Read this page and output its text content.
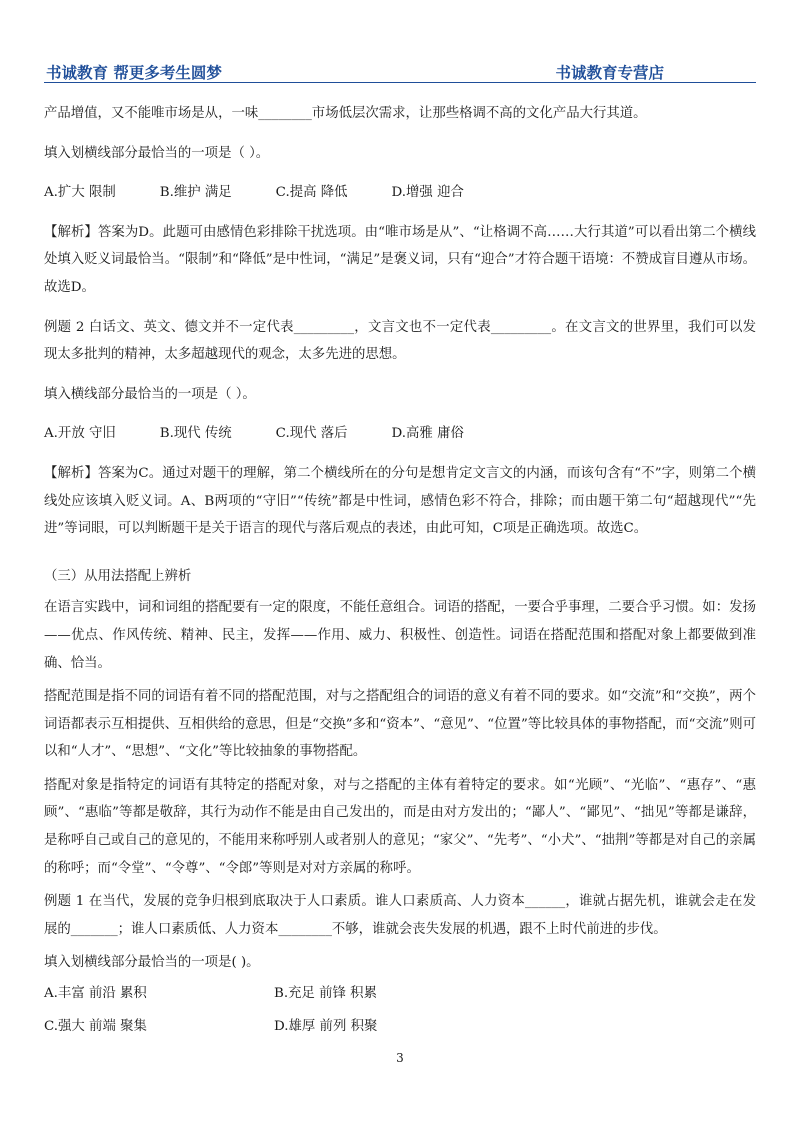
书诚教育 帮更多考生圆梦	书诚教育专营店

产品增值，又不能唯市场是从，一味________市场低层次需求，让那些格调不高的文化产品大行其道。

填入划横线部分最恰当的一项是（ ）。

A.扩大 限制	B.维护 满足	C.提高 降低	D.增强 迎合

【解析】答案为D。此题可由感情色彩排除干扰选项。由“唯市场是从”、“让格调不高……大行其道”可以看出第二个横线处填入贬义词最恰当。“限制”和“降低”是中性词，“满足”是褒义词，只有“迎合”才符合题干语境：不赞成盲目遵从市场。故选D。

例题 2 白话文、英文、德文并不一定代表_________，文言文也不一定代表_________。在文言文的世界里，我们可以发现太多批判的精神，太多超越现代的观念，太多先进的思想。

填入横线部分最恰当的一项是（ ）。

A.开放 守旧	B.现代 传统	C.现代 落后	D.高雅 庸俗

【解析】答案为C。通过对题干的理解，第二个横线所在的分句是想肯定文言文的内涵，而该句含有“不”字，则第二个横线处应该填入贬义词。A、B两项的“守旧”“传统”都是中性词，感情色彩不符合，排除；而由题干第二句“超越现代”“先进”等词眼，可以判断题干是关于语言的现代与落后观点的表述，由此可知，C项是正确选项。故选C。

（三）从用法搭配上辨析

在语言实践中，词和词组的搭配要有一定的限度，不能任意组合。词语的搭配，一要合乎事理，二要合乎习惯。如：发扬——优点、作风传统、精神、民主，发挥——作用、威力、积极性、创造性。词语在搭配范围和搭配对象上都要做到准确、恰当。

搭配范围是指不同的词语有着不同的搭配范围，对与之搭配组合的词语的意义有着不同的要求。如“交流”和“交换”，两个词语都表示互相提供、互相供给的意思，但是“交换”多和“资本”、“意见”、“位置”等比较具体的事物搭配，而“交流”则可以和“人才”、“思想”、“文化”等比较抽象的事物搭配。

搭配对象是指特定的词语有其特定的搭配对象，对与之搭配的主体有着特定的要求。如“光顾”、“光临”、“惠存”、“惠顾”、“惠临”等都是敬辞，其行为动作不能是由自己发出的，而是由对方发出的；“鄙人”、“鄙见”、“拙见”等都是谦辞，是称呼自己或自己的意见的，不能用来称呼别人或者别人的意见；“家父”、“先考”、“小犬”、“拙荆”等都是对自己的亲属的称呼；而“令堂”、“令尊”、“令郎”等则是对对方亲属的称呼。

例题 1 在当代，发展的竞争归根到底取决于人口素质。谁人口素质高、人力资本______，谁就占据先机，谁就会走在发展的_______；谁人口素质低、人力资本________不够，谁就会丧失发展的机遇，跟不上时代前进的步伐。

填入划横线部分最恰当的一项是( )。

A.丰富 前沿 累积	B.充足 前锋 积累
C.强大 前端 聚集	D.雄厚 前列 积聚
3
